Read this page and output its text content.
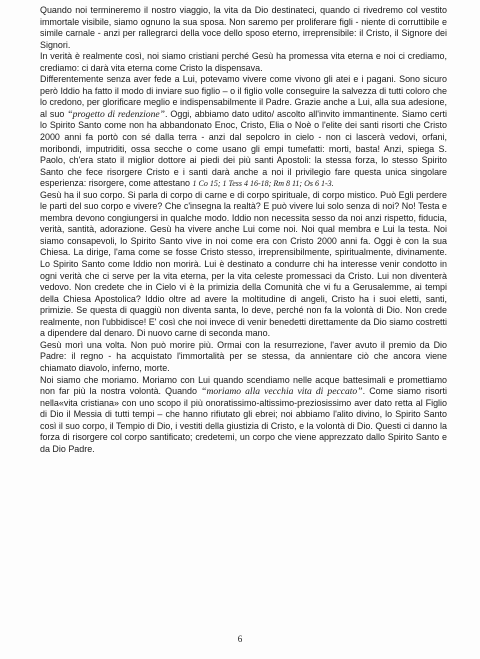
Quando noi termineremo il nostro viaggio, la vita da Dio destinateci, quando ci rivedremo col vestito immortale visibile, siamo ognuno la sua sposa. Non saremo per proliferare figli - niente di corruttibile e simile carnale - anzi per rallegrarci della voce dello sposo eterno, irreprensibile: il Cristo, il Signore dei Signori.

In verità è realmente così, noi siamo cristiani perché Gesù ha promessa vita eterna e noi ci crediamo, crediamo: ci darà vita eterna come Cristo la dispensava.

Differentemente senza aver fede a Lui, potevamo vivere come vivono gli atei e i pagani. Sono sicuro però Iddio ha fatto il modo di inviare suo figlio – o il figlio volle conseguire la salvezza di tutti coloro che lo credono, per glorificare meglio e indispensabilmente il Padre. Grazie anche a Lui, alla sua adesione, al suo “progetto di redenzione”. Oggi, abbiamo dato udito/ ascolto all'invito immantinente. Siamo certi lo Spirito Santo come non ha abbandonato Enoc, Cristo, Elia o Noè o l'elite dei santi risorti che Cristo 2000 anni fa portò con sé dalla terra - anzi dal sepolcro in cielo - non ci lascerà vedovi, orfani, moribondi, imputriditi, ossa secche o come usano gli empi tumefatti: morti, basta! Anzi, spiega S. Paolo, ch'era stato il miglior dottore ai piedi dei più santi Apostoli: la stessa forza, lo stesso Spirito Santo che fece risorgere Cristo e i santi darà anche a noi il privilegio fare questa unica singolare esperienza: risorgere, come attestano 1 Co 15; 1 Tess 4 16-18; Rm 8 11; Os 6 1-3.

Gesù ha il suo corpo. Si parla di corpo di carne e di corpo spirituale, di corpo mistico. Può Egli perdere le parti del suo corpo e vivere? Che c'insegna la realtà? E può vivere lui solo senza di noi? No! Testa e membra devono congiungersi in qualche modo. Iddio non necessita sesso da noi anzi rispetto, fiducia, verità, santità, adorazione. Gesù ha vivere anche Lui come noi. Noi qual membra e Lui la testa. Noi siamo consapevoli, lo Spirito Santo vive in noi come era con Cristo 2000 anni fa. Oggi è con la sua Chiesa. La dirige, l'ama come se fosse Cristo stesso, irreprensibilmente, spiritualmente, divinamente. Lo Spirito Santo come Iddio non morirà. Lui è destinato a condurre chi ha interesse venir condotto in ogni verità che ci serve per la vita eterna, per la vita celeste promessaci da Cristo. Lui non diventerà vedovo. Non credete che in Cielo vi è la primizia della Comunità che vi fu a Gerusalemme, ai tempi della Chiesa Apostolica? Iddio oltre ad avere la moltitudine di angeli, Cristo ha i suoi eletti, santi, primizie. Se questa di quaggiù non diventa santa, lo deve, perché non fa la volontà di Dio. Non crede realmente, non l'ubbidisce! E' così che noi invece di venir benedetti direttamente da Dio siamo costretti a dipendere dal denaro. Di nuovo carne di seconda mano.

Gesù morì una volta. Non può morire più. Ormai con la resurrezione, l'aver avuto il premio da Dio Padre: il regno - ha acquistato l'immortalità per se stessa, da annientare ciò che ancora viene chiamato diavolo, inferno, morte.

Noi siamo che moriamo. Moriamo con Lui quando scendiamo nelle acque battesimali e promettiamo non far più la nostra volontà. Quando “moriamo alla vecchia vita di peccato”. Come siamo risorti nella«vita cristiana» con uno scopo il più onoratissimo-altissimo-preziosissimo aver dato retta al Figlio di Dio il Messia di tutti tempi – che hanno rifiutato gli ebrei; noi abbiamo l'alito divino, lo Spirito Santo così il suo corpo, il Tempio di Dio, i vestiti della giustizia di Cristo, e la volontà di Dio. Questi ci danno la forza di risorgere col corpo santificato; credetemi, un corpo che viene apprezzato dallo Spirito Santo e da Dio Padre.

6
